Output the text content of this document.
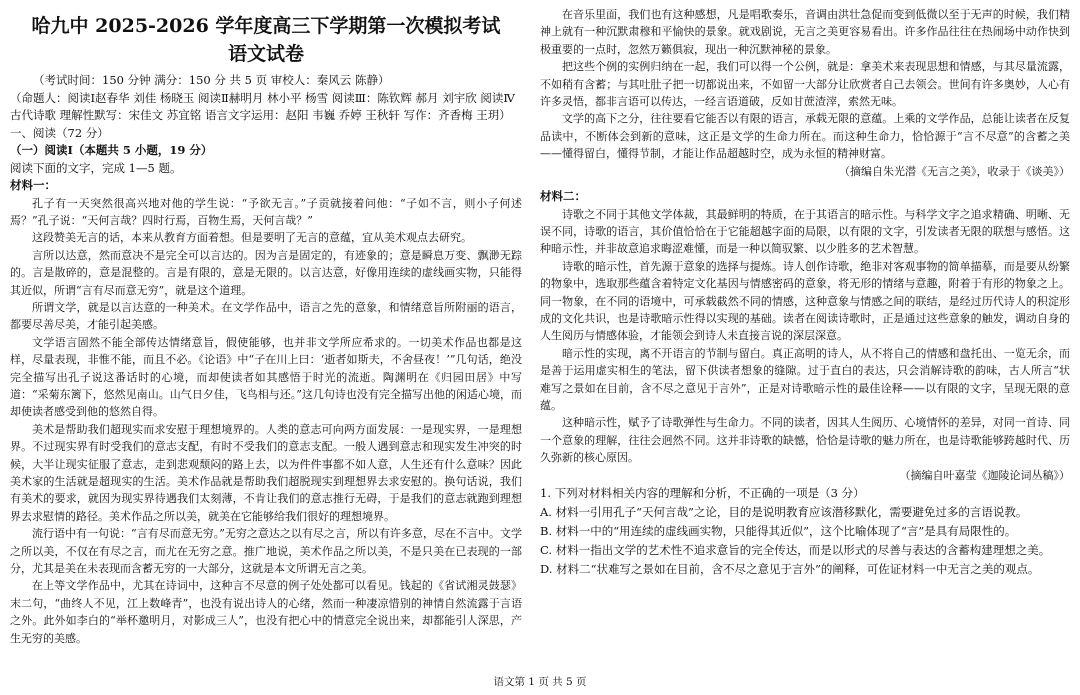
哈九中 2025-2026 学年度高三下学期第一次模拟考试

语文试卷

（考试时间：150 分钟 满分：150 分 共 5 页 审校人：秦风云 陈静）

（命题人：阅读Ⅰ赵春华 刘佳 杨晓玉 阅读Ⅱ赫明月 林小平 杨雪 阅读Ⅲ：陈钦辉 郝月 刘宇欣 阅读Ⅳ古代诗歌 理解性默写：宋佳文 苏宜铭 语言文字运用：赵阳 韦巍 乔婷 王秋轩 写作：齐香梅 王玥）

一、阅读（72 分）

（一）阅读Ⅰ（本题共 5 小题，19 分）

阅读下面的文字，完成 1—5 题。

材料一：

孔子有一天突然很高兴地对他的学生说：“予欲无言。”子贡就接着问他：“子如不言，则小子何述焉？”孔子说：“天何言哉？四时行焉，百物生焉，天何言哉？”

这段赞美无言的话，本来从教育方面着想。但是要明了无言的意蕴，宜从美术观点去研究。

言所以达意，然而意决不是完全可以言达的。因为言是固定的，有迹象的；意是瞬息万变、飘渺无踪的。言是散碎的，意是混整的。言是有限的，意是无限的。以言达意，好像用连续的虚线画实物，只能得其近似，所谓“言有尽而意无穷”，就是这个道理。

所谓文学，就是以言达意的一种美术。在文学作品中，语言之先的意象，和情绪意旨所附丽的语言，都要尽善尽美，才能引起美感。

文学语言固然不能全部传达情绪意旨，假使能够，也并非文学所应希求的。一切美术作品也都是这样，尽量表现，非惟不能，而且不必。《论语》中“子在川上曰：‘逝者如斯夫，不舍昼夜！’”几句话，绝没完全描写出孔子说这番话时的心境，而却使读者如其感悟于时光的流逝。陶渊明在《归园田居》中写道：“采菊东篱下，悠然见南山。山气日夕佳，飞鸟相与还。”这几句诗也没有完全描写出他的闲适心境，而却使读者感受到他的悠然自得。

美术是帮助我们超现实而求安慰于理想境界的。人类的意志可向两方面发展：一是现实界，一是理想界。不过现实界有时受我们的意志支配，有时不受我们的意志支配。一般人遇到意志和现实发生冲突的时候，大半让现实征服了意志，走到悲观颓闷的路上去，以为件件事都不如人意，人生还有什么意味？因此美术家的生活就是超现实的生活。美术作品就是帮助我们超脱现实到理想界去求安慰的。换句话说，我们有美术的要求，就因为现实界待遇我们太刻薄，不肯让我们的意志推行无碍，于是我们的意志就跑到理想界去求慰情的路径。美术作品之所以美，就美在它能够给我们很好的理想境界。

流行语中有一句说：“言有尽而意无穷。”无穷之意达之以有尽之言，所以有许多意，尽在不言中。文学之所以美，不仅在有尽之言，而尤在无穷之意。推广地说，美术作品之所以美，不是只美在已表现的一部分，尤其是美在未表现而含蓄无穷的一大部分，这就是本文所谓无言之美。

在上等文学作品中，尤其在诗词中，这种言不尽意的例子处处都可以看见。钱起的《省试湘灵鼓瑟》末二句，“曲终人不见，江上数峰青”，也没有说出诗人的心绪，然而一种凄凉惜别的神情自然流露于言语之外。此外如李白的“举杯邀明月，对影成三人”，也没有把心中的情意完全说出来，却都能引人深思，产生无穷的美感。

在音乐里面，我们也有这种感想，凡是唱歌奏乐，音调由洪壮急促而变到低微以至于无声的时候，我们精神上就有一种沉默肃穆和平愉快的景象。就戏剧说，无言之美更容易看出。许多作品往往在热闹场中动作快到极重要的一点时，忽然万籁俱寂，现出一种沉默神秘的景象。

把这些个例的实例归纳在一起，我们可以得一个公例，就是：拿美术来表现思想和情感，与其尽量流露，不如稍有含蓄；与其吐肚子把一切都说出来，不如留一大部分让欣赏者自己去领会。世间有许多奥妙，人心有许多灵悟，都非言语可以传达，一经言语道破，反如甘蔗渣滓，索然无味。

文学的高下之分，往往要看它能否以有限的语言，承载无限的意蕴。上乘的文学作品，总能让读者在反复品读中，不断体会到新的意味，这正是文学的生命力所在。而这种生命力，恰恰源于“言不尽意”的含蓄之美——懂得留白，懂得节制，才能让作品超越时空，成为永恒的精神财富。

（摘编自朱光潜《无言之美》，收录于《谈美》）

材料二：

诗歌之不同于其他文学体裁，其最鲜明的特质，在于其语言的暗示性。与科学文字之追求精确、明晰、无误不同，诗歌的语言，其价值恰恰在于它能超越字面的局限，以有限的文字，引发读者无限的联想与感悟。这种暗示性，并非故意追求晦涩难懂，而是一种以简驭繁、以少胜多的艺术智慧。

诗歌的暗示性，首先源于意象的选择与提炼。诗人创作诗歌，绝非对客观事物的简单描摹，而是要从纷繁的物象中，选取那些蕴含着特定文化基因与情感密码的意象，将无形的情绪与意趣，附着于有形的物象之上。同一物象，在不同的语境中，可承载截然不同的情感，这种意象与情感之间的联结，是经过历代诗人的积淀形成的文化共识，也是诗歌暗示性得以实现的基础。读者在阅读诗歌时，正是通过这些意象的触发，调动自身的人生阅历与情感体验，才能领会到诗人未直接言说的深层深意。

暗示性的实现，离不开语言的节制与留白。真正高明的诗人，从不将自己的情感和盘托出、一览无余，而是善于运用虚实相生的笔法，留下供读者想象的缝隙。过于直白的表达，只会消解诗歌的韵味，古人所言“状难写之景如在目前，含不尽之意见于言外”，正是对诗歌暗示性的最佳诠释——以有限的文字，呈现无限的意蕴。

这种暗示性，赋予了诗歌弹性与生命力。不同的读者，因其人生阅历、心境情怀的差异，对同一首诗、同一个意象的理解，往往会迥然不同。这并非诗歌的缺憾，恰恰是诗歌的魅力所在，也是诗歌能够跨越时代、历久弥新的核心原因。

（摘编自叶嘉莹《迦陵论词丛稿》）

1. 下列对材料相关内容的理解和分析，不正确的一项是（3 分）

A. 材料一引用孔子“天何言哉”之论，目的是说明教育应该潜移默化，需要避免过多的言语说教。

B. 材料一中的“用连续的虚线画实物，只能得其近似”，这个比喻体现了“言”是具有局限性的。

C. 材料一指出文学的艺术性不追求意旨的完全传达，而是以形式的尽善与表达的含蓄构建理想之美。

D. 材料二“状难写之景如在目前，含不尽之意见于言外”的阐释，可佐证材料一中无言之美的观点。

语文第 1 页 共 5 页
